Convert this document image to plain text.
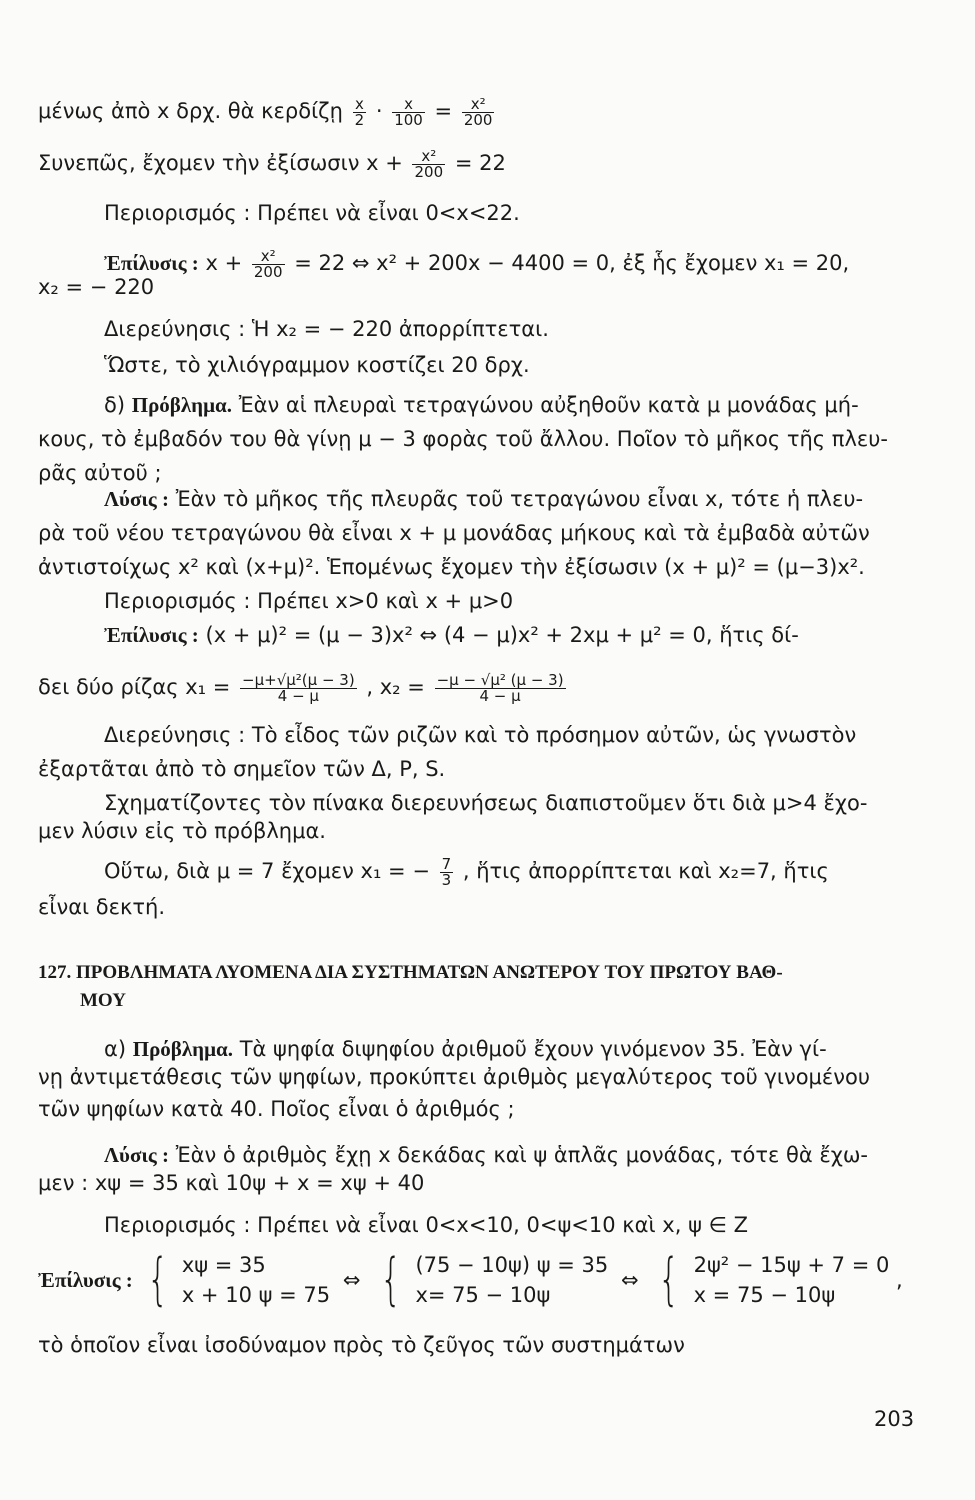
μένως ἀπὸ x δρχ. θὰ κερδίζῃ $\frac{x}{2} \cdot \frac{x}{100} = \frac{\text{x²}}{200}$
Συνεπῶς, ἔχομεν τὴν ἐξίσωσιν $x + \frac{\text{x²}}{200} = 22$
Περιορισμός : Πρέπει νὰ εἶναι 0<x<22.
Ἐπίλυσις : $x + \frac{\text{x²}}{200} = 22$ ⇔ x² + 200x − 4400 = 0, ἐξ ἧς ἔχομεν x₁ = 20,
x₂ = − 220
Διερεύνησις : Ἡ x₂ = − 220 ἀπορρίπτεται.
Ὥστε, τὸ χιλιόγραμμον κοστίζει 20 δρχ.
δ) Πρόβλημα. Ἐὰν αἱ πλευραὶ τετραγώνου αὐξηθοῦν κατὰ μ μονάδας μή-
κους, τὸ ἐμβαδόν του θὰ γίνῃ μ − 3 φορὰς τοῦ ἄλλου. Ποῖον τὸ μῆκος τῆς πλευ-
ρᾶς αὐτοῦ ;
Λύσις : Ἐὰν τὸ μῆκος τῆς πλευρᾶς τοῦ τετραγώνου εἶναι x, τότε ἡ πλευ-
ρὰ τοῦ νέου τετραγώνου θὰ εἶναι x + μ μονάδας μήκους καὶ τὰ ἐμβαδὰ αὐτῶν
ἀντιστοίχως x² καὶ (x+μ)². Ἑπομένως ἔχομεν τὴν ἐξίσωσιν (x + μ)² = (μ−3)x².
Περιορισμός : Πρέπει x>0 καὶ x + μ>0
Ἐπίλυσις : (x + μ)² = (μ − 3)x² ⇔ (4 − μ)x² + 2xμ + μ² = 0, ἥτις δί-
δει δύο ρίζας $x_1 = \frac{\text{−μ+√μ²(μ − 3)}}{4 - \mu}$ , $x_2 = \frac{\text{−μ − √μ² (μ − 3)}}{4 - \mu}$
Διερεύνησις : Τὸ εἶδος τῶν ριζῶν καὶ τὸ πρόσημον αὐτῶν, ὡς γνωστὸν
ἐξαρτᾶται ἀπὸ τὸ σημεῖον τῶν Δ, P, S.
Σχηματίζοντες τὸν πίνακα διερευνήσεως διαπιστοῦμεν ὅτι διὰ μ>4 ἔχο-
μεν λύσιν εἰς τὸ πρόβλημα.
Οὕτω, διὰ μ = 7 ἔχομεν x₁ = − $\frac{7}{3}$ , ἥτις ἀπορρίπτεται καὶ x₂=7, ἥτις
εἶναι δεκτή.
127. ΠΡΟΒΛΗΜΑΤΑ ΛΥΟΜΕΝΑ ΔΙΑ ΣΥΣΤΗΜΑΤΩΝ ΑΝΩΤΕΡΟΥ ΤΟΥ ΠΡΩΤΟΥ ΒΑΘ-
ΜΟΥ
α) Πρόβλημα. Τὰ ψηφία διψηφίου ἀριθμοῦ ἔχουν γινόμενον 35. Ἐὰν γί-
νῃ ἀντιμετάθεσις τῶν ψηφίων, προκύπτει ἀριθμὸς μεγαλύτερος τοῦ γινομένου
τῶν ψηφίων κατὰ 40. Ποῖος εἶναι ὁ ἀριθμός ;
Λύσις : Ἐὰν ὁ ἀριθμὸς ἔχῃ x δεκάδας καὶ ψ ἁπλᾶς μονάδας, τότε θὰ ἔχω-
μεν : xψ = 35 καὶ 10ψ + x = xψ + 40
Περιορισμός : Πρέπει νὰ εἶναι 0<x<10, 0<ψ<10 καὶ x, ψ ∈ Z
Ἐπίλυσις : { xψ = 35
x + 10 ψ = 75
⇔ { (75 − 10ψ) ψ = 35
x= 75 − 10ψ
⇔ { 2ψ² − 15ψ + 7 = 0
x = 75 − 10ψ
,
τὸ ὁποῖον εἶναι ἰσοδύναμον πρὸς τὸ ζεῦγος τῶν συστημάτων
203
